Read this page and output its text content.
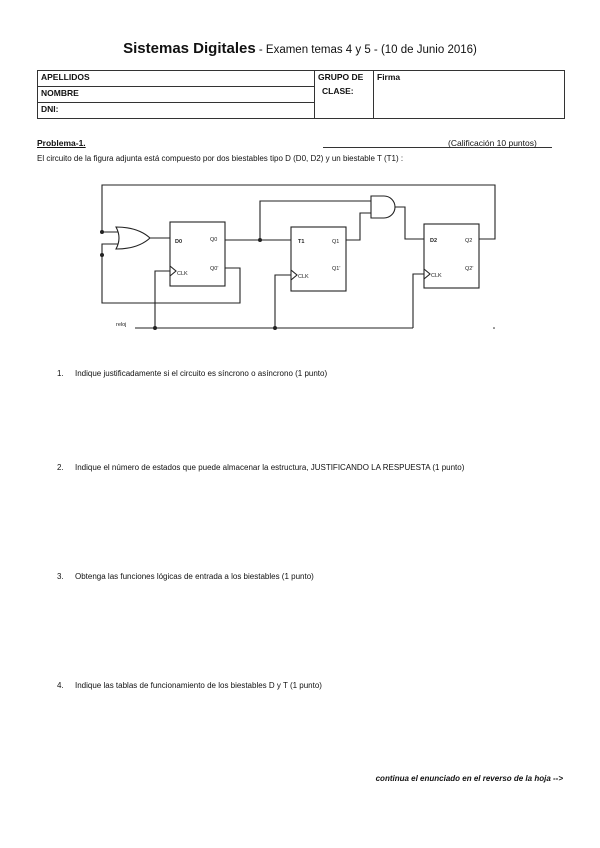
Sistemas Digitales - Examen temas 4 y 5 - (10 de Junio 2016)
APELLIDOS	GRUPO DE
CLASE:
	Firma
NOMBRE
DNI:
Problema-1.	(Calificación 10 puntos)
El circuito de la figura adjunta está compuesto por dos biestables tipo D (D0, D2) y un biestable T (T1) :
D0	Q0
Q0'
CLK
T1	Q1
Q1'
CLK
D2	Q2
Q2'
CLK
reloj
1. Indique justificadamente si el circuito es síncrono o asíncrono (1 punto)
2. Indique el número de estados que puede almacenar la estructura, JUSTIFICANDO LA RESPUESTA (1 punto)
3. Obtenga las funciones lógicas de entrada a los biestables (1 punto)
4. Indique las tablas de funcionamiento de los biestables D y T (1 punto)
continua el enunciado en el reverso de la hoja -->
